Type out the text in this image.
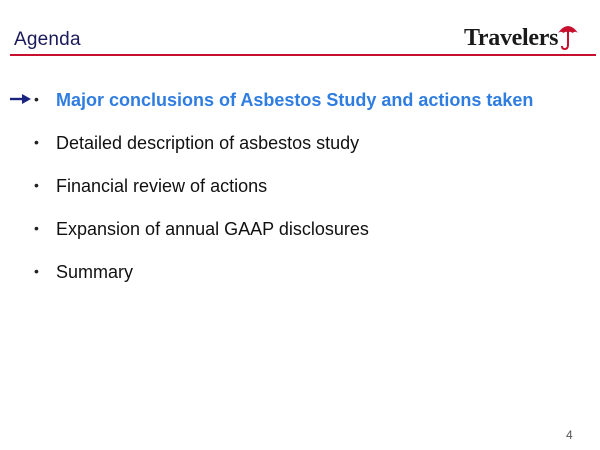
Agenda	Travelers
• Major conclusions of Asbestos Study and actions taken
• Detailed description of asbestos study
• Financial review of actions
• Expansion of annual GAAP disclosures
• Summary
4
